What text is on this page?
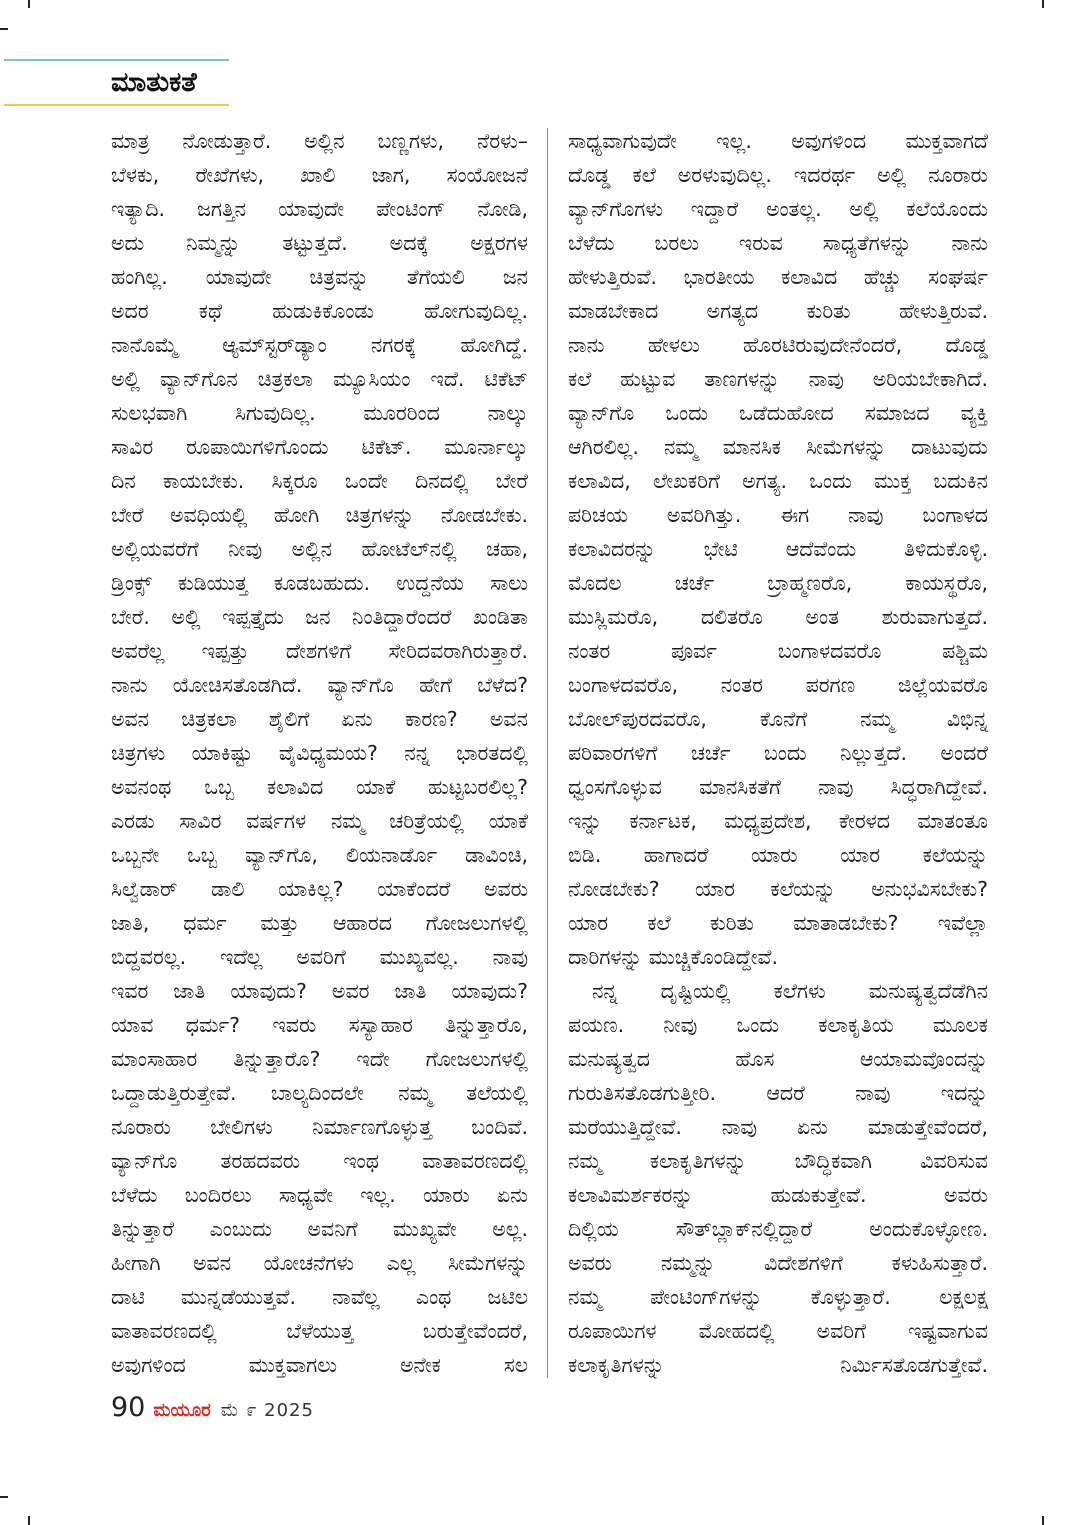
ಮಾತುಕತೆ
ಮಾತ್ರ ನೋಡುತ್ತಾರೆ. ಅಲ್ಲಿನ ಬಣ್ಣಗಳು, ನೆರಳು–
ಬೆಳಕು, ರೇಖೆಗಳು, ಖಾಲಿ ಜಾಗ, ಸಂಯೋಜನೆ
ಇತ್ಯಾದಿ. ಜಗತ್ತಿನ ಯಾವುದೇ ಪೇಂಟಿಂಗ್ ನೋಡಿ,
ಅದು ನಿಮ್ಮನ್ನು ತಟ್ಟುತ್ತದೆ. ಅದಕ್ಕೆ ಅಕ್ಷರಗಳ
ಹಂಗಿಲ್ಲ. ಯಾವುದೇ ಚಿತ್ರವನ್ನು ತೆಗೆಯಲಿ ಜನ
ಅದರ ಕಥೆ ಹುಡುಕಿಕೊಂಡು ಹೋಗುವುದಿಲ್ಲ.
ನಾನೊಮ್ಮೆ ಆ್ಯಮ್‌ಸ್ಟರ್‌ಡ್ಯಾಂ ನಗರಕ್ಕೆ ಹೋಗಿದ್ದೆ.
ಅಲ್ಲಿ ವ್ಯಾನ್‌ಗೊನ ಚಿತ್ರಕಲಾ ಮ್ಯೂಸಿಯಂ ಇದೆ. ಟಿಕೆಟ್
ಸುಲಭವಾಗಿ ಸಿಗುವುದಿಲ್ಲ. ಮೂರರಿಂದ ನಾಲ್ಕು
ಸಾವಿರ ರೂಪಾಯಿಗಳಿಗೊಂದು ಟಿಕೆಟ್. ಮೂರ್ನಾಲ್ಕು
ದಿನ ಕಾಯಬೇಕು. ಸಿಕ್ಕರೂ ಒಂದೇ ದಿನದಲ್ಲಿ ಬೇರೆ
ಬೇರೆ ಅವಧಿಯಲ್ಲಿ ಹೋಗಿ ಚಿತ್ರಗಳನ್ನು ನೋಡಬೇಕು.
ಅಲ್ಲಿಯವರೆಗೆ ನೀವು ಅಲ್ಲಿನ ಹೋಟೆಲ್‌ನಲ್ಲಿ ಚಹಾ,
ಡ್ರಿಂಕ್ಸ್ ಕುಡಿಯುತ್ತ ಕೂಡಬಹುದು. ಉದ್ದನೆಯ ಸಾಲು
ಬೇರೆ. ಅಲ್ಲಿ ಇಪ್ಪತ್ತೈದು ಜನ ನಿಂತಿದ್ದಾರೆಂದರೆ ಖಂಡಿತಾ
ಅವರೆಲ್ಲ ಇಪ್ಪತ್ತು ದೇಶಗಳಿಗೆ ಸೇರಿದವರಾಗಿರುತ್ತಾರೆ.
ನಾನು ಯೋಚಿಸತೊಡಗಿದೆ. ವ್ಯಾನ್‌ಗೊ ಹೇಗೆ ಬೆಳೆದ?
ಅವನ ಚಿತ್ರಕಲಾ ಶೈಲಿಗೆ ಏನು ಕಾರಣ? ಅವನ
ಚಿತ್ರಗಳು ಯಾಕಿಷ್ಟು ವೈವಿಧ್ಯಮಯ? ನನ್ನ ಭಾರತದಲ್ಲಿ
ಅವನಂಥ ಒಬ್ಬ ಕಲಾವಿದ ಯಾಕೆ ಹುಟ್ಟಬರಲಿಲ್ಲ?
ಎರಡು ಸಾವಿರ ವರ್ಷಗಳ ನಮ್ಮ ಚರಿತ್ರೆಯಲ್ಲಿ ಯಾಕೆ
ಒಬ್ಬನೇ ಒಬ್ಬ ವ್ಯಾನ್‌ಗೊ, ಲಿಯನಾರ್ಡೊ ಡಾವಿಂಚಿ,
ಸಿಲ್ವೆಡಾರ್ ಡಾಲಿ ಯಾಕಿಲ್ಲ? ಯಾಕೆಂದರೆ ಅವರು
ಜಾತಿ, ಧರ್ಮ ಮತ್ತು ಆಹಾರದ ಗೋಜಲುಗಳಲ್ಲಿ
ಬಿದ್ದವರಲ್ಲ. ಇದೆಲ್ಲ ಅವರಿಗೆ ಮುಖ್ಯವಲ್ಲ. ನಾವು
ಇವರ ಜಾತಿ ಯಾವುದು? ಅವರ ಜಾತಿ ಯಾವುದು?
ಯಾವ ಧರ್ಮ? ಇವರು ಸಸ್ಯಾಹಾರ ತಿನ್ನುತ್ತಾರೊ,
ಮಾಂಸಾಹಾರ ತಿನ್ನುತ್ತಾರೊ? ಇದೇ ಗೋಜಲುಗಳಲ್ಲಿ
ಒದ್ದಾಡುತ್ತಿರುತ್ತೇವೆ. ಬಾಲ್ಯದಿಂದಲೇ ನಮ್ಮ ತಲೆಯಲ್ಲಿ
ನೂರಾರು ಬೇಲಿಗಳು ನಿರ್ಮಾಣಗೊಳ್ಳುತ್ತ ಬಂದಿವೆ.
ವ್ಯಾನ್‌ಗೊ ತರಹದವರು ಇಂಥ ವಾತಾವರಣದಲ್ಲಿ
ಬೆಳೆದು ಬಂದಿರಲು ಸಾಧ್ಯವೇ ಇಲ್ಲ. ಯಾರು ಏನು
ತಿನ್ನುತ್ತಾರೆ ಎಂಬುದು ಅವನಿಗೆ ಮುಖ್ಯವೇ ಅಲ್ಲ.
ಹೀಗಾಗಿ ಅವನ ಯೋಚನೆಗಳು ಎಲ್ಲ ಸೀಮೆಗಳನ್ನು
ದಾಟಿ ಮುನ್ನಡೆಯುತ್ತವೆ. ನಾವೆಲ್ಲ ಎಂಥ ಜಟಿಲ
ವಾತಾವರಣದಲ್ಲಿ ಬೆಳೆಯುತ್ತ ಬರುತ್ತೇವೆಂದರೆ,
ಅವುಗಳಿಂದ ಮುಕ್ತವಾಗಲು ಅನೇಕ ಸಲ
ಸಾಧ್ಯವಾಗುವುದೇ ಇಲ್ಲ. ಅವುಗಳಿಂದ ಮುಕ್ತವಾಗದೆ
ದೊಡ್ಡ ಕಲೆ ಅರಳುವುದಿಲ್ಲ. ಇದರರ್ಥ ಅಲ್ಲಿ ನೂರಾರು
ವ್ಯಾನ್‌ಗೊಗಳು ಇದ್ದಾರೆ ಅಂತಲ್ಲ. ಅಲ್ಲಿ ಕಲೆಯೊಂದು
ಬೆಳೆದು ಬರಲು ಇರುವ ಸಾಧ್ಯತೆಗಳನ್ನು ನಾನು
ಹೇಳುತ್ತಿರುವೆ. ಭಾರತೀಯ ಕಲಾವಿದ ಹೆಚ್ಚು ಸಂಘರ್ಷ
ಮಾಡಬೇಕಾದ ಅಗತ್ಯದ ಕುರಿತು ಹೇಳುತ್ತಿರುವೆ.
ನಾನು ಹೇಳಲು ಹೊರಟಿರುವುದೇನೆಂದರೆ, ದೊಡ್ಡ
ಕಲೆ ಹುಟ್ಟುವ ತಾಣಗಳನ್ನು ನಾವು ಅರಿಯಬೇಕಾಗಿದೆ.
ವ್ಯಾನ್‌ಗೊ ಒಂದು ಒಡೆದುಹೋದ ಸಮಾಜದ ವ್ಯಕ್ತಿ
ಆಗಿರಲಿಲ್ಲ. ನಮ್ಮ ಮಾನಸಿಕ ಸೀಮೆಗಳನ್ನು ದಾಟುವುದು
ಕಲಾವಿದ, ಲೇಖಕರಿಗೆ ಅಗತ್ಯ. ಒಂದು ಮುಕ್ತ ಬದುಕಿನ
ಪರಿಚಯ ಅವರಿಗಿತ್ತು. ಈಗ ನಾವು ಬಂಗಾಳದ
ಕಲಾವಿದರನ್ನು ಭೇಟಿ ಆದೆವೆಂದು ತಿಳಿದುಕೊಳ್ಳಿ.
ಮೊದಲ ಚರ್ಚೆ ಬ್ರಾಹ್ಮಣರೊ, ಕಾಯಸ್ಥರೊ,
ಮುಸ್ಲಿಮರೊ, ದಲಿತರೊ ಅಂತ ಶುರುವಾಗುತ್ತದೆ.
ನಂತರ ಪೂರ್ವ ಬಂಗಾಳದವರೊ ಪಶ್ಚಿಮ
ಬಂಗಾಳದವರೊ, ನಂತರ ಪರಗಣ ಜಿಲ್ಲೆಯವರೊ
ಬೋಲ್‌ಪುರದವರೊ, ಕೊನೆಗೆ ನಮ್ಮ ವಿಭಿನ್ನ
ಪರಿವಾರಗಳಿಗೆ ಚರ್ಚೆ ಬಂದು ನಿಲ್ಲುತ್ತದೆ. ಅಂದರೆ
ಧ್ವಂಸಗೊಳ್ಳುವ ಮಾನಸಿಕತೆಗೆ ನಾವು ಸಿದ್ಧರಾಗಿದ್ದೇವೆ.
ಇನ್ನು ಕರ್ನಾಟಕ, ಮಧ್ಯಪ್ರದೇಶ, ಕೇರಳದ ಮಾತಂತೂ
ಬಿಡಿ. ಹಾಗಾದರೆ ಯಾರು ಯಾರ ಕಲೆಯನ್ನು
ನೋಡಬೇಕು? ಯಾರ ಕಲೆಯನ್ನು ಅನುಭವಿಸಬೇಕು?
ಯಾರ ಕಲೆ ಕುರಿತು ಮಾತಾಡಬೇಕು? ಇವೆಲ್ಲಾ
ದಾರಿಗಳನ್ನು ಮುಚ್ಚಿಕೊಂಡಿದ್ದೇವೆ.
ನನ್ನ ದೃಷ್ಟಿಯಲ್ಲಿ ಕಲೆಗಳು ಮನುಷ್ಯತ್ವದೆಡೆಗಿನ
ಪಯಣ. ನೀವು ಒಂದು ಕಲಾಕೃತಿಯ ಮೂಲಕ
ಮನುಷ್ಯತ್ವದ ಹೊಸ ಆಯಾಮವೊಂದನ್ನು
ಗುರುತಿಸತೊಡಗುತ್ತೀರಿ. ಆದರೆ ನಾವು ಇದನ್ನು
ಮರೆಯುತ್ತಿದ್ದೇವೆ. ನಾವು ಏನು ಮಾಡುತ್ತೇವೆಂದರೆ,
ನಮ್ಮ ಕಲಾಕೃತಿಗಳನ್ನು ಬೌದ್ಧಿಕವಾಗಿ ವಿವರಿಸುವ
ಕಲಾವಿಮರ್ಶಕರನ್ನು ಹುಡುಕುತ್ತೇವೆ. ಅವರು
ದಿಲ್ಲಿಯ ಸೌತ್‌ಬ್ಲಾಕ್‌ನಲ್ಲಿದ್ದಾರೆ ಅಂದುಕೊಳ್ಳೋಣ.
ಅವರು ನಮ್ಮನ್ನು ವಿದೇಶಗಳಿಗೆ ಕಳುಹಿಸುತ್ತಾರೆ.
ನಮ್ಮ ಪೇಂಟಿಂಗ್‌ಗಳನ್ನು ಕೊಳ್ಳುತ್ತಾರೆ. ಲಕ್ಷಲಕ್ಷ
ರೂಪಾಯಿಗಳ ಮೋಹದಲ್ಲಿ ಅವರಿಗೆ ಇಷ್ಟವಾಗುವ
ಕಲಾಕೃತಿಗಳನ್ನು ನಿರ್ಮಿಸತೊಡಗುತ್ತೇವೆ.
90 ಮಯೂರ ಮೆ ೯ 2025
